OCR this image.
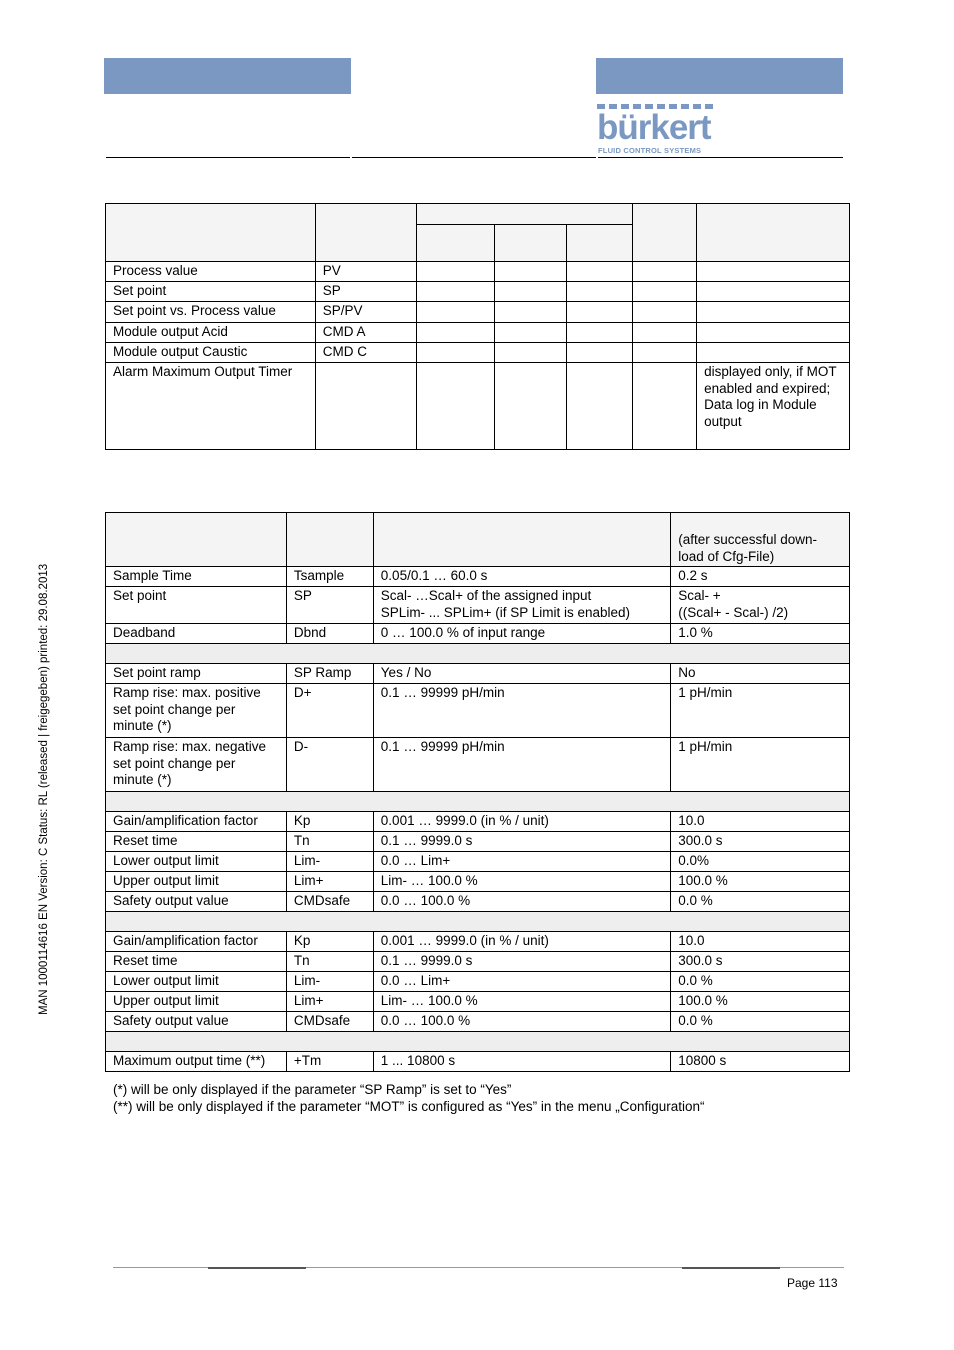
bürkert
FLUID CONTROL SYSTEMS

Process value	PV					
Set point	SP					
Set point vs. Process value	SP/PV					
Module output Acid	CMD A					
Module output Caustic	CMD C					
Alarm Maximum Output Timer						displayed only, if MOT enabled and expired;
Data log in Module output
			(after successful down-load of Cfg-File)
Sample Time	Tsample	0.05/0.1 … 60.0 s	0.2 s
Set point	SP	Scal- …Scal+ of the assigned input
SPLim- ... SPLim+ (if SP Limit is enabled)	Scal- +
((Scal+ - Scal-) /2)
Deadband	Dbnd	0 … 100.0 % of input range	1.0 %

Set point ramp	SP Ramp	Yes / No	No
Ramp rise: max. positive set point change per minute (*)	D+	0.1 … 99999 pH/min	1 pH/min
Ramp rise: max. negative set point change per minute (*)	D-	0.1 … 99999 pH/min	1 pH/min

Gain/amplification factor	Kp	0.001 … 9999.0 (in % / unit)	10.0
Reset time	Tn	0.1 … 9999.0 s	300.0 s
Lower output limit	Lim-	0.0 … Lim+	0.0%
Upper output limit	Lim+	Lim- … 100.0 %	100.0 %
Safety output value	CMDsafe	0.0 … 100.0 %	0.0 %

Gain/amplification factor	Kp	0.001 … 9999.0 (in % / unit)	10.0
Reset time	Tn	0.1 … 9999.0 s	300.0 s
Lower output limit	Lim-	0.0 … Lim+	0.0 %
Upper output limit	Lim+	Lim- … 100.0 %	100.0 %
Safety output value	CMDsafe	0.0 … 100.0 %	0.0 %

Maximum output time (**)	+Tm	1 ... 10800 s	10800 s
(*) will be only displayed if the parameter “SP Ramp” is set to “Yes”
(**) will be only displayed if the parameter “MOT” is configured as “Yes” in the menu „Configuration“
MAN 1000114616 EN Version: C Status: RL (released | freigegeben) printed: 29.08.2013
Page 113
